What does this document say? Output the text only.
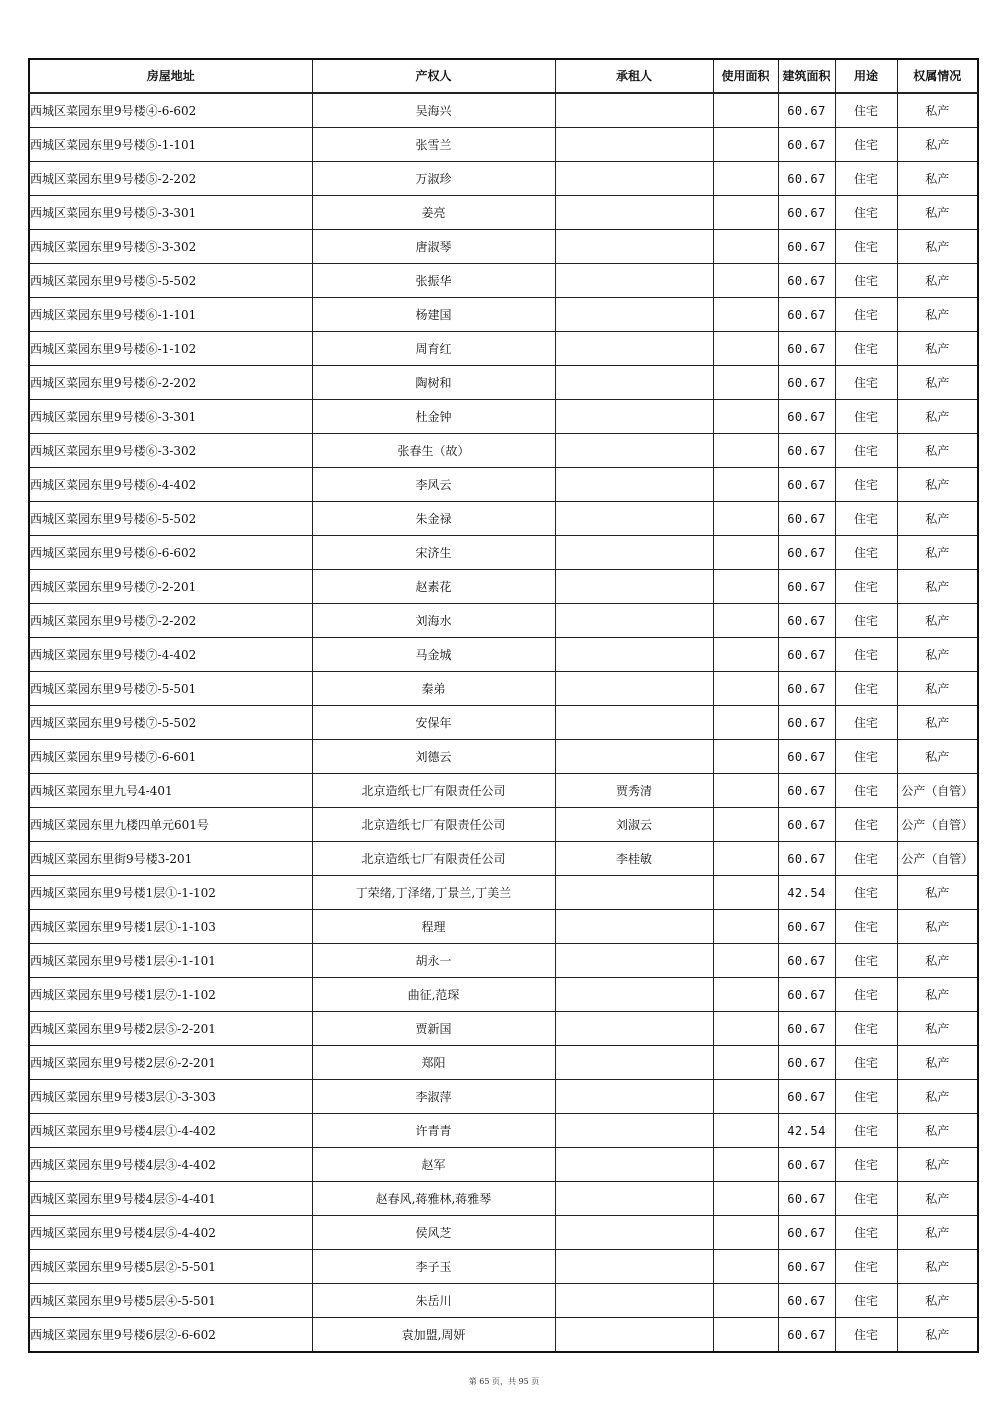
房屋地址	产权人	承租人	使用面积	建筑面积	用途	权属情况
西城区菜园东里9号楼④-6-602	吴海兴			60.67	住宅	私产
西城区菜园东里9号楼⑤-1-101	张雪兰			60.67	住宅	私产
西城区菜园东里9号楼⑤-2-202	万淑珍			60.67	住宅	私产
西城区菜园东里9号楼⑤-3-301	姜亮			60.67	住宅	私产
西城区菜园东里9号楼⑤-3-302	唐淑琴			60.67	住宅	私产
西城区菜园东里9号楼⑤-5-502	张振华			60.67	住宅	私产
西城区菜园东里9号楼⑥-1-101	杨建国			60.67	住宅	私产
西城区菜园东里9号楼⑥-1-102	周育红			60.67	住宅	私产
西城区菜园东里9号楼⑥-2-202	陶树和			60.67	住宅	私产
西城区菜园东里9号楼⑥-3-301	杜金钟			60.67	住宅	私产
西城区菜园东里9号楼⑥-3-302	张春生（故）			60.67	住宅	私产
西城区菜园东里9号楼⑥-4-402	李风云			60.67	住宅	私产
西城区菜园东里9号楼⑥-5-502	朱金禄			60.67	住宅	私产
西城区菜园东里9号楼⑥-6-602	宋济生			60.67	住宅	私产
西城区菜园东里9号楼⑦-2-201	赵素花			60.67	住宅	私产
西城区菜园东里9号楼⑦-2-202	刘海水			60.67	住宅	私产
西城区菜园东里9号楼⑦-4-402	马金城			60.67	住宅	私产
西城区菜园东里9号楼⑦-5-501	秦弟			60.67	住宅	私产
西城区菜园东里9号楼⑦-5-502	安保年			60.67	住宅	私产
西城区菜园东里9号楼⑦-6-601	刘德云			60.67	住宅	私产
西城区菜园东里九号4-401	北京造纸七厂有限责任公司	贾秀清		60.67	住宅	公产（自管）
西城区菜园东里九楼四单元601号	北京造纸七厂有限责任公司	刘淑云		60.67	住宅	公产（自管）
西城区菜园东里街9号楼3-201	北京造纸七厂有限责任公司	李桂敏		60.67	住宅	公产（自管）
西城区菜园东里9号楼1层①-1-102	丁荣绪,丁泽绪,丁景兰,丁美兰			42.54	住宅	私产
西城区菜园东里9号楼1层①-1-103	程理			60.67	住宅	私产
西城区菜园东里9号楼1层④-1-101	胡永一			60.67	住宅	私产
西城区菜园东里9号楼1层⑦-1-102	曲征,范琛			60.67	住宅	私产
西城区菜园东里9号楼2层⑤-2-201	贾新国			60.67	住宅	私产
西城区菜园东里9号楼2层⑥-2-201	郑阳			60.67	住宅	私产
西城区菜园东里9号楼3层①-3-303	李淑萍			60.67	住宅	私产
西城区菜园东里9号楼4层①-4-402	许青青			42.54	住宅	私产
西城区菜园东里9号楼4层③-4-402	赵军			60.67	住宅	私产
西城区菜园东里9号楼4层⑤-4-401	赵春风,蒋雅林,蒋雅琴			60.67	住宅	私产
西城区菜园东里9号楼4层⑤-4-402	侯风芝			60.67	住宅	私产
西城区菜园东里9号楼5层②-5-501	李子玉			60.67	住宅	私产
西城区菜园东里9号楼5层④-5-501	朱岳川			60.67	住宅	私产
西城区菜园东里9号楼6层②-6-602	袁加盟,周妍			60.67	住宅	私产
第 65 页，共 95 页
